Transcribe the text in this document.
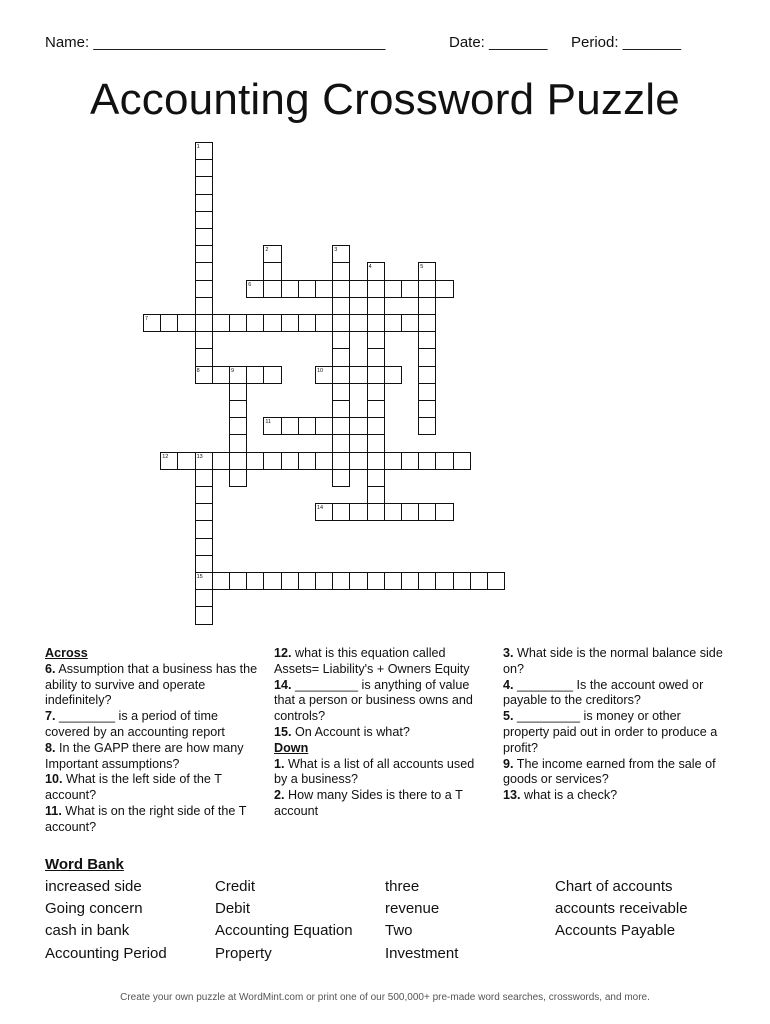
Name: ___________________________________	Date: _______ Period: _______
Accounting Crossword Puzzle
1
2	3
4	5
6
7
8	9	10
11
12	13
15
14
Across
6. Assumption that a business has the ability to survive and operate indefinitely?
7. ________ is a period of time covered by an accounting report
8. In the GAPP there are how many Important assumptions?
10. What is the left side of the T account?
11. What is on the right side of the T account?
12. what is this equation called Assets= Liability's + Owners Equity
14. _________ is anything of value that a person or business owns and controls?
15. On Account is what?
Down
1. What is a list of all accounts used by a business?
2. How many Sides is there to a T account
3. What side is the normal balance side on?
4. ________ Is the account owed or payable to the creditors?
5. _________ is money or other property paid out in order to produce a profit?
9. The income earned from the sale of goods or services?
13. what is a check?
Word Bank
increased side
Going concern
cash in bank
Accounting Period
Credit
Debit
Accounting Equation
Property
three
revenue
Two
Investment
Chart of accounts
accounts receivable
Accounts Payable
Create your own puzzle at WordMint.com or print one of our 500,000+ pre-made word searches, crosswords, and more.
